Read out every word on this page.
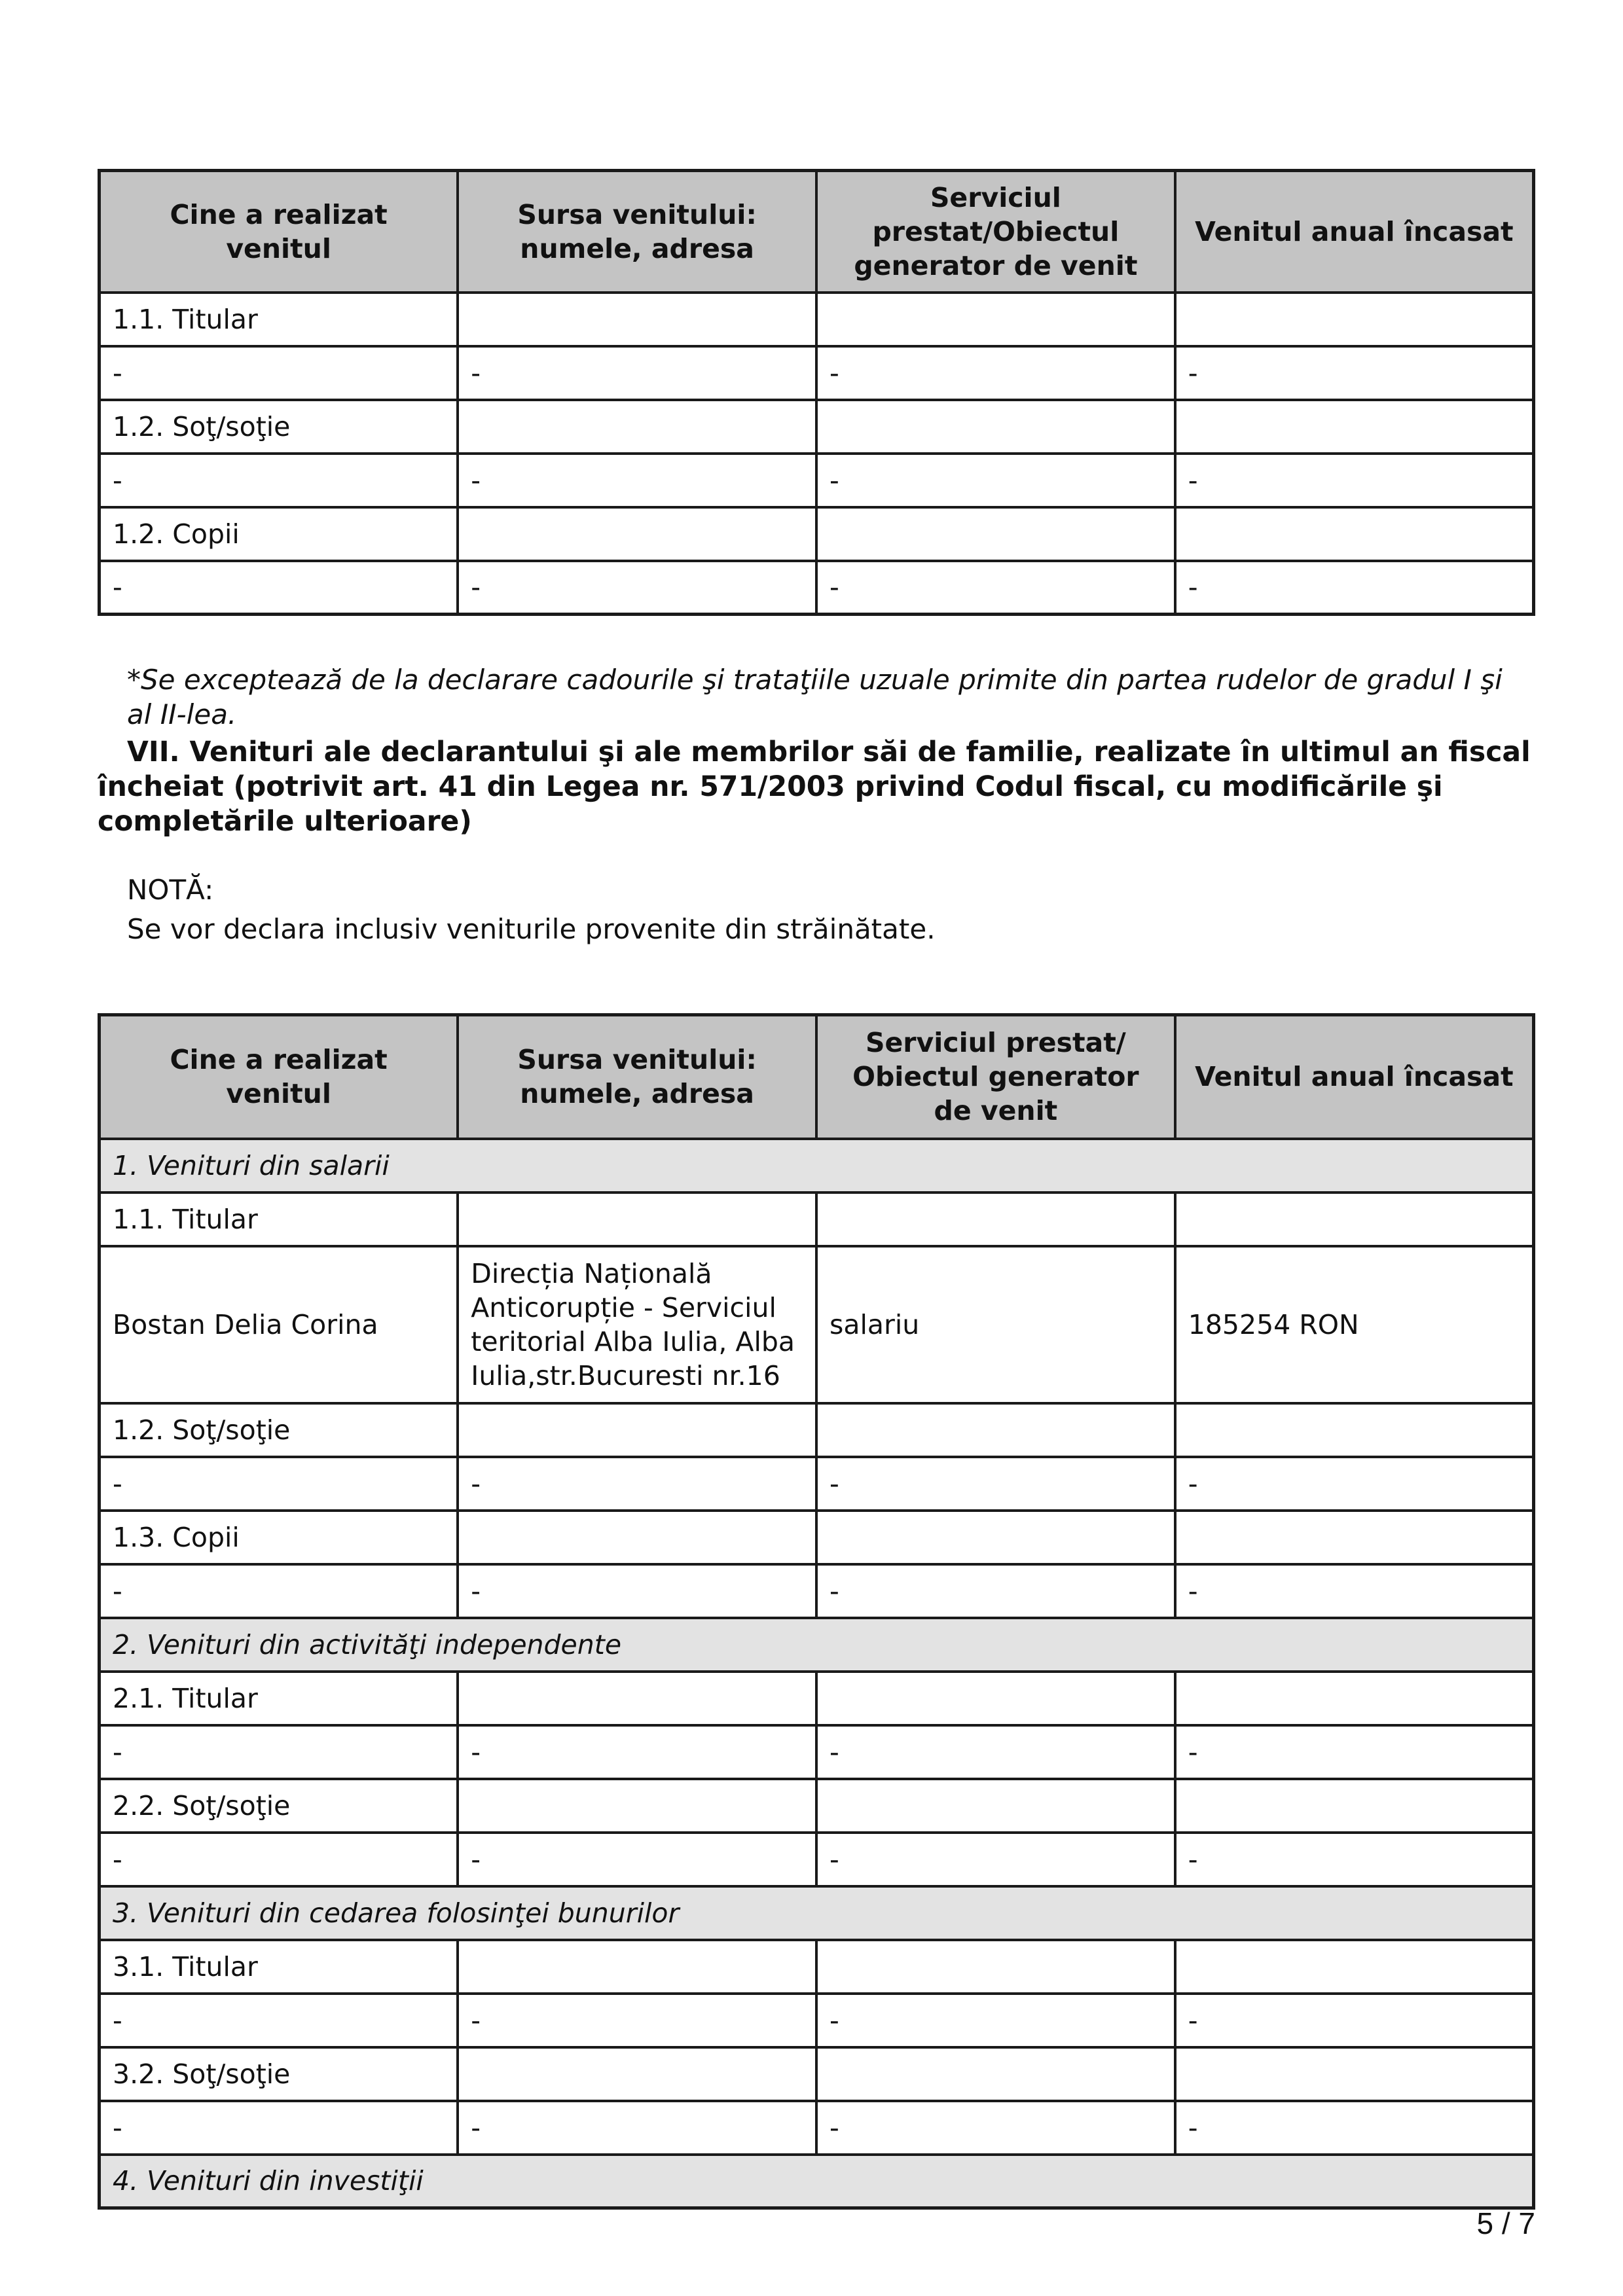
Cine a realizat venitul	Sursa venitului: numele, adresa	Serviciul prestat/Obiectul generator de venit	Venitul anual încasat
1.1. Titular			
-	-	-	-
1.2. Soţ/soţie			
-	-	-	-
1.2. Copii			
-	-	-	-
*Se exceptează de la declarare cadourile şi trataţiile uzuale primite din partea rudelor de gradul I şi al II-lea.
VII. Venituri ale declarantului şi ale membrilor săi de familie, realizate în ultimul an fiscal încheiat (potrivit art. 41 din Legea nr. 571/2003 privind Codul fiscal, cu modificările şi completările ulterioare)
NOTĂ:
Se vor declara inclusiv veniturile provenite din străinătate.
Cine a realizat venitul	Sursa venitului: numele, adresa	Serviciul prestat/ Obiectul generator de venit	Venitul anual încasat
1. Venituri din salarii			
1.1. Titular			
Bostan Delia Corina	Direcția Națională Anticorupție - Serviciul teritorial Alba Iulia, Alba Iulia,str.Bucuresti nr.16	salariu	185254 RON
1.2. Soţ/soţie			
-	-	-	-
1.3. Copii			
-	-	-	-
2. Venituri din activităţi independente			
2.1. Titular			
-	-	-	-
2.2. Soţ/soţie			
-	-	-	-
3. Venituri din cedarea folosinţei bunurilor			
3.1. Titular			
-	-	-	-
3.2. Soţ/soţie			
-	-	-	-
4. Venituri din investiţii			
5 / 7
